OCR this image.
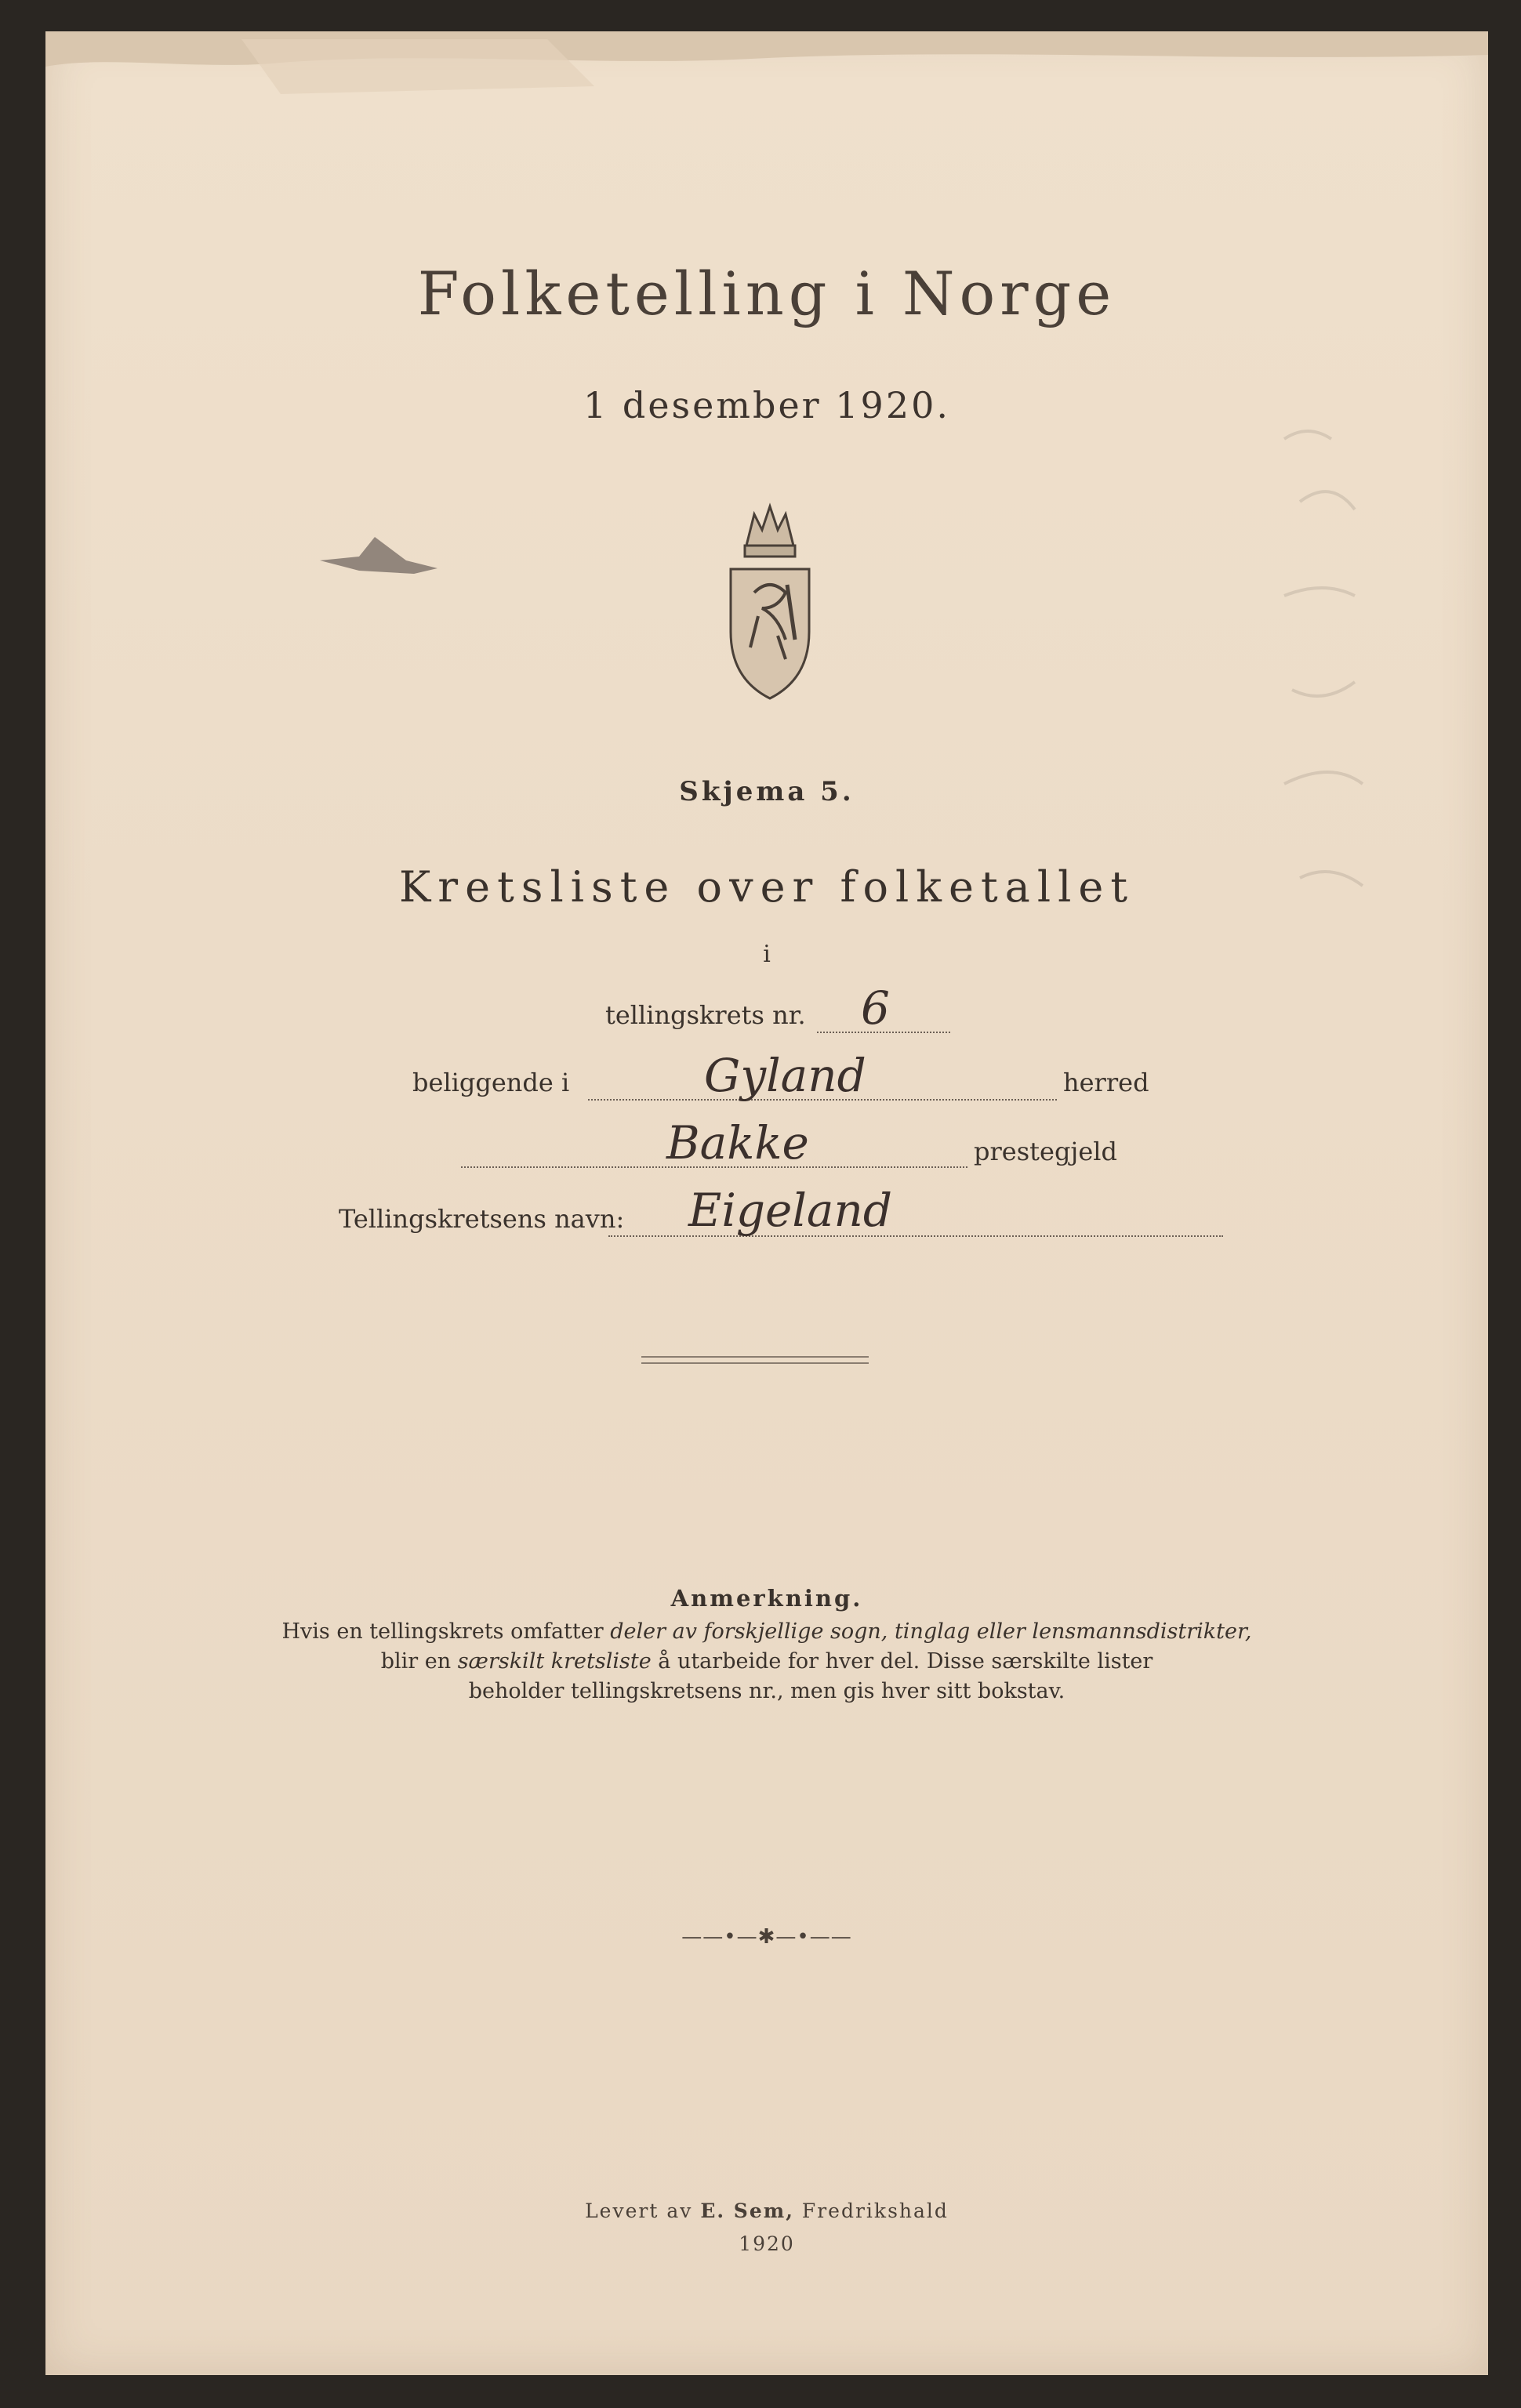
Folketelling i Norge
1 desember 1920.
Skjema 5.
Kretsliste over folketallet
i
tellingskrets nr. 6
beliggende i	Gyland	herred
Bakke	prestegjeld
Tellingskretsens navn: Eigeland
Anmerkning.
Hvis en tellingskrets omfatter deler av forskjellige sogn, tinglag eller lensmannsdistrikter,
blir en særskilt kretsliste å utarbeide for hver del. Disse særskilte lister
beholder tellingskretsens nr., men gis hver sitt bokstav.
——•—✱—•——
Levert av E. Sem, Fredrikshald
1920
